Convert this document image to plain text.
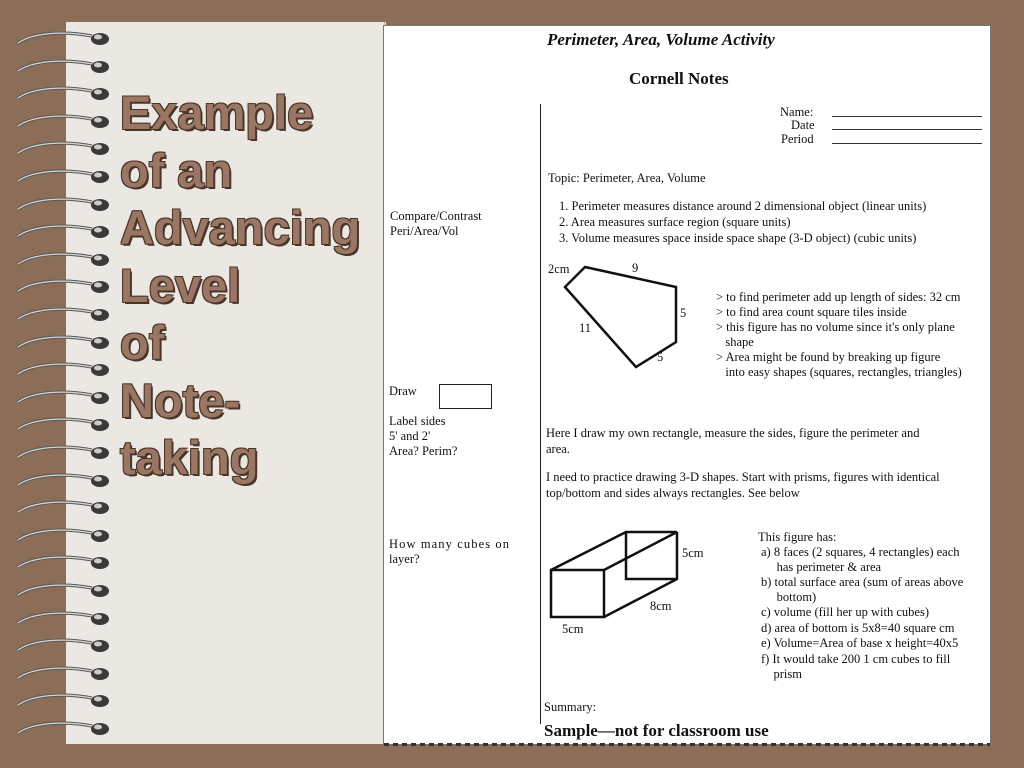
Example
of an
Advancing
Level
of
Note-
taking

Perimeter, Area, Volume Activity

Cornell Notes

Name:

Date

Period

Topic: Perimeter, Area, Volume

1. Perimeter measures distance around 2 dimensional object (linear units)
2. Area measures surface region (square units)
3. Volume measures space inside space shape (3-D object) (cubic units)

Compare/Contrast

Peri/Area/Vol

Draw

Label sides

5' and 2'

Area? Perim?

How many cubes on

layer?

2cm	9

5

11

5

> to find perimeter add up length of sides: 32 cm
> to find area count square tiles inside
> this figure has no volume since it's only plane
shape
> Area might be found by breaking up figure
into easy shapes (squares, rectangles, triangles)

Here I draw my own rectangle, measure the sides, figure the perimeter and

area.

I need to practice drawing 3-D shapes. Start with prisms, figures with identical

top/bottom and sides always rectangles. See below

5cm

8cm

5cm

This figure has:

a) 8 faces (2 squares, 4 rectangles) each
has perimeter & area
b) total surface area (sum of areas above
bottom)
c) volume (fill her up with cubes)
d) area of bottom is 5x8=40 square cm
e) Volume=Area of base x height=40x5
f) It would take 200 1 cm cubes to fill
prism

Summary:

Sample—not for classroom use
